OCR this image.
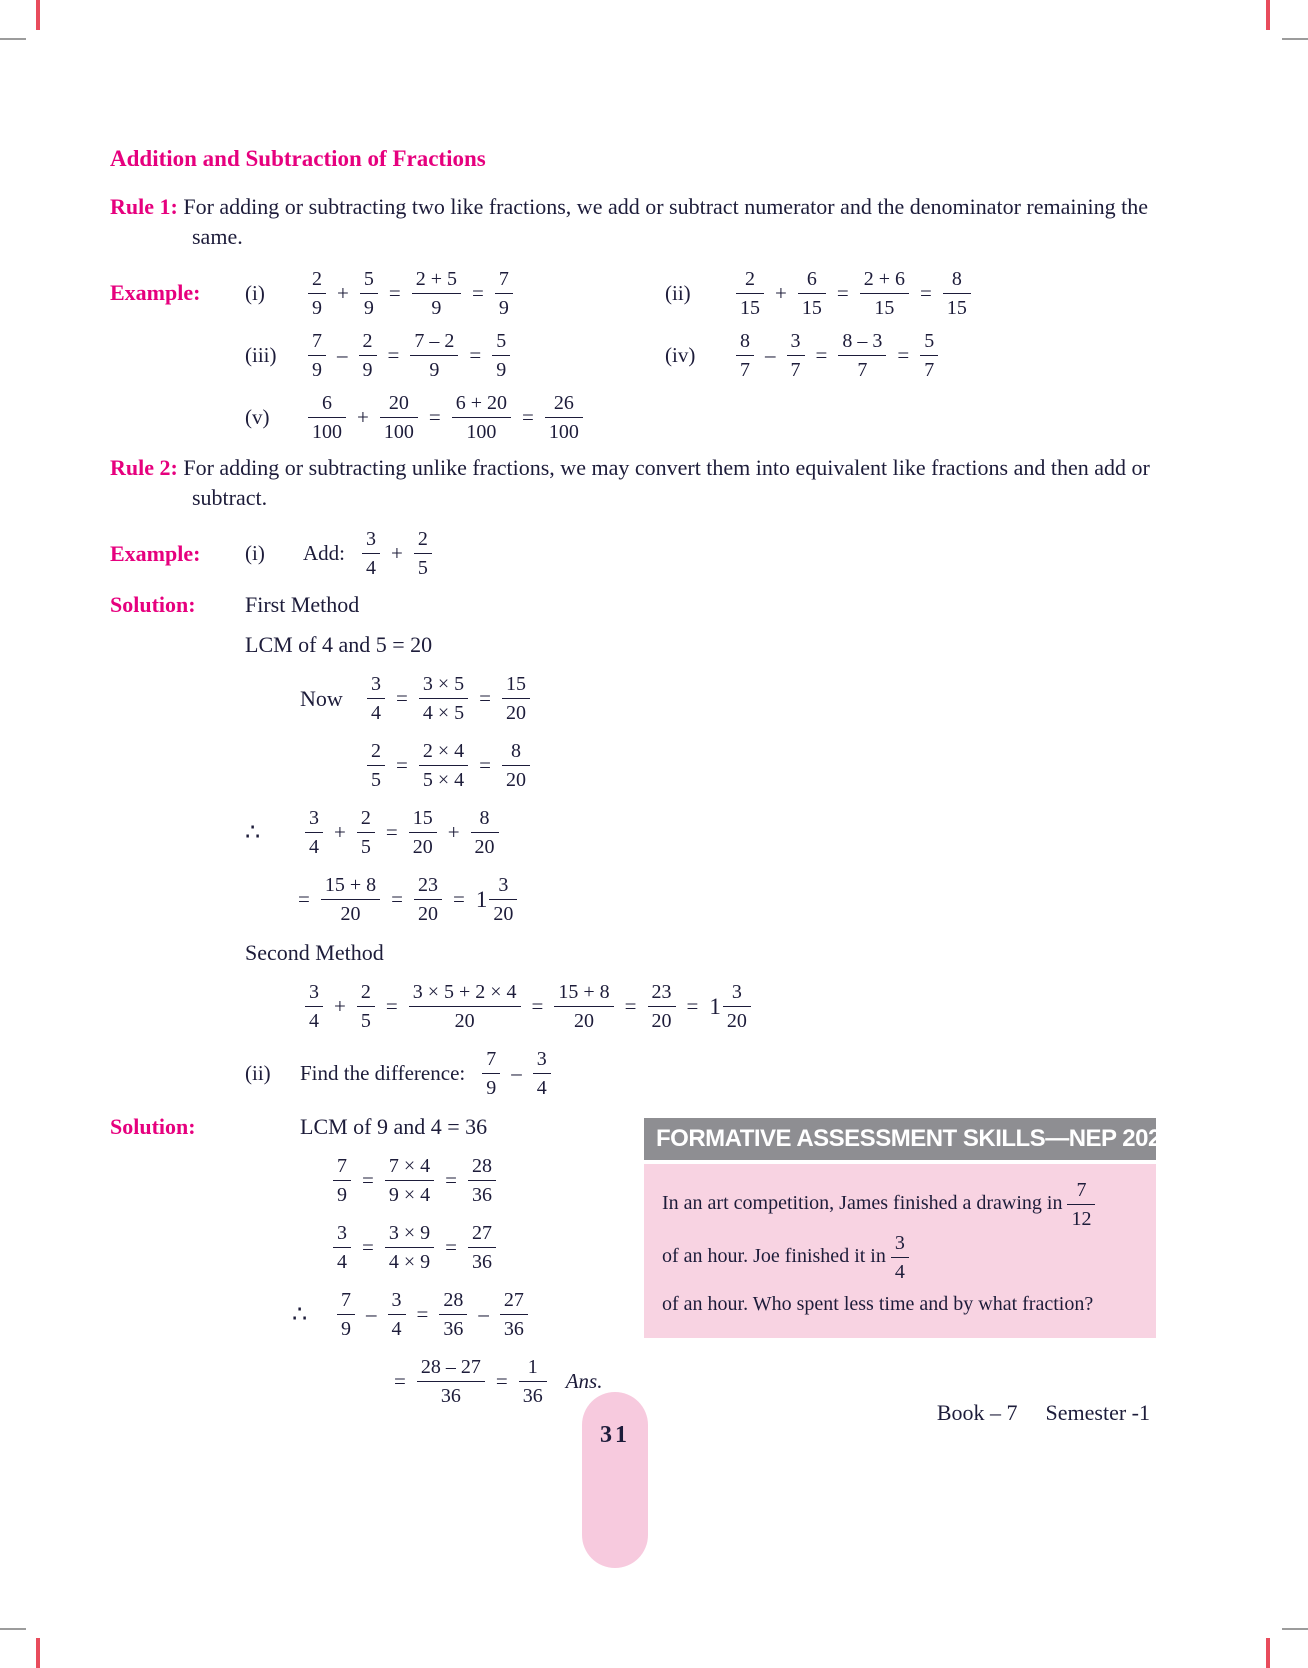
Addition and Subtraction of Fractions

Rule 1: For adding or subtracting two like fractions, we add or subtract numerator and the denominator remaining the same.

Example:	(i)	$\frac{2}{9} + \frac{5}{9} = \frac{2 + 5}{9} = \frac{7}{9}$	(ii)	$\frac{2}{15} + \frac{6}{15} = \frac{2 + 6}{15} = \frac{8}{15}$
(iii)	$\frac{7}{9} - \frac{2}{9} = \frac{7 - 2}{9} = \frac{5}{9}$	(iv)	$\frac{8}{7} - \frac{3}{7} = \frac{8 - 3}{7} = \frac{5}{7}$
(v)	$\frac{6}{100} + \frac{20}{100} = \frac{6 + 20}{100} = \frac{26}{100}$

Rule 2: For adding or subtracting unlike fractions, we may convert them into equivalent like fractions and then add or subtract.

Example:	(i)	Add: $\frac{3}{4} + \frac{2}{5}$
Solution:	First Method
LCM of 4 and 5 = 20
Now	$\frac{3}{4} = \frac{3 \times 5}{4 \times 5} = \frac{15}{20}$
$\frac{2}{5} = \frac{2 \times 4}{5 \times 4} = \frac{8}{20}$
∴	$\frac{3}{4} + \frac{2}{5} = \frac{15}{20} + \frac{8}{20}$
= $\frac{15 + 8}{20} = \frac{23}{20} = 1 \frac{3}{20}$
Second Method
$\frac{3}{4} + \frac{2}{5} = \frac{3 \times 5 + 2 \times 4}{20} = \frac{15 + 8}{20} = \frac{23}{20} = 1 \frac{3}{20}$
(ii)	Find the difference: $\frac{7}{9} - \frac{3}{4}$
Solution:	LCM of 9 and 4 = 36
$\frac{7}{9} = \frac{7 \times 4}{9 \times 4} = \frac{28}{36}$
$\frac{3}{4} = \frac{3 \times 9}{4 \times 9} = \frac{27}{36}$
∴	$\frac{7}{9} - \frac{3}{4} = \frac{28}{36} - \frac{27}{36}$
= $\frac{28 - 27}{36} = \frac{1}{36}$ Ans.
FORMATIVE ASSESSMENT SKILLS—NEP 2020
In an art competition, James finished a drawing in $\frac{7}{12}$
of an hour. Joe finished it in $\frac{3}{4}$
of an hour. Who spent less time and by what fraction?
31
Book – 7 Semester -1
